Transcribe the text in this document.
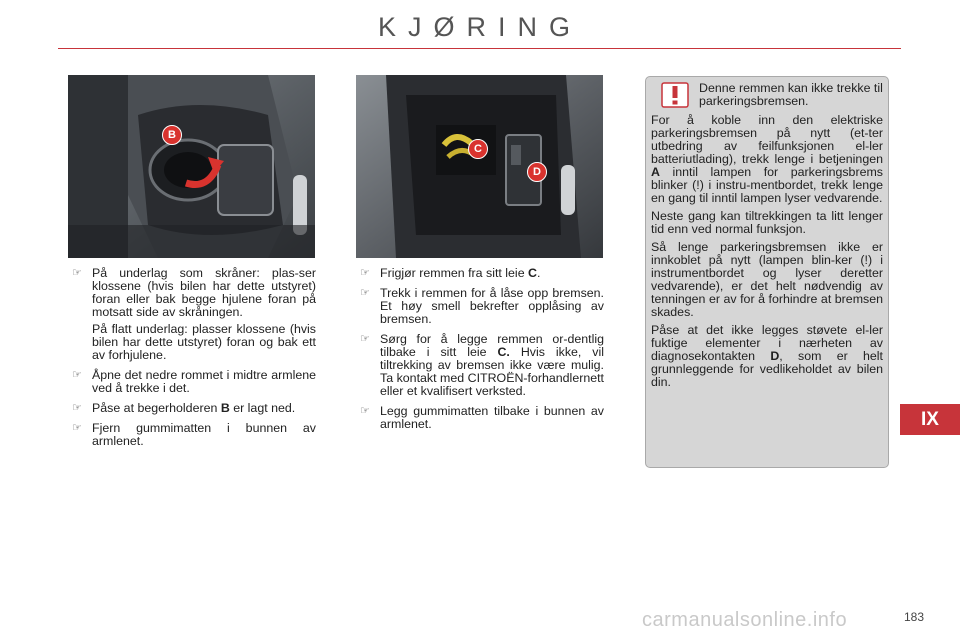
KJØRING
B
C
D
☞ På underlag som skråner: plas-ser klossene (hvis bilen har dette utstyret) foran eller bak begge hjulene foran på motsatt side av skråningen.
På flatt underlag: plasser klossene (hvis bilen har dette utstyret) foran og bak ett av forhjulene.
☞ Åpne det nedre rommet i midtre armlene ved å trekke i det.
☞ Påse at begerholderen B er lagt ned.
☞ Fjern gummimatten i bunnen av armlenet.
☞ Frigjør remmen fra sitt leie C.
☞ Trekk i remmen for å låse opp bremsen. Et høy smell bekrefter opplåsing av bremsen.
☞ Sørg for å legge remmen or-dentlig tilbake i sitt leie C. Hvis ikke, vil tiltrekking av bremsen ikke være mulig. Ta kontakt med CITROËN-forhandlernett eller et kvalifisert verksted.
☞ Legg gummimatten tilbake i bunnen av armlenet.
Denne remmen kan ikke trekke til parkeringsbremsen.

For å koble inn den elektriske parkeringsbremsen på nytt (et-ter utbedring av feilfunksjonen el-ler batteriutlading), trekk lenge i betjeningen A inntil lampen for parkeringsbrems blinker (!) i instru-mentbordet, trekk lenge en gang til inntil lampen lyser vedvarende.

Neste gang kan tiltrekkingen ta litt lenger tid enn ved normal funksjon.

Så lenge parkeringsbremsen ikke er innkoblet på nytt (lampen blin-ker (!) i instrumentbordet og lyser deretter vedvarende), er det helt nødvendig av tenningen er av for å forhindre at bremsen skades.

Påse at det ikke legges støvete el-ler fuktige elementer i nærheten av diagnosekontakten D, som er helt grunnleggende for vedlikeholdet av bilen din.

IX
carmanualsonline.info	183
